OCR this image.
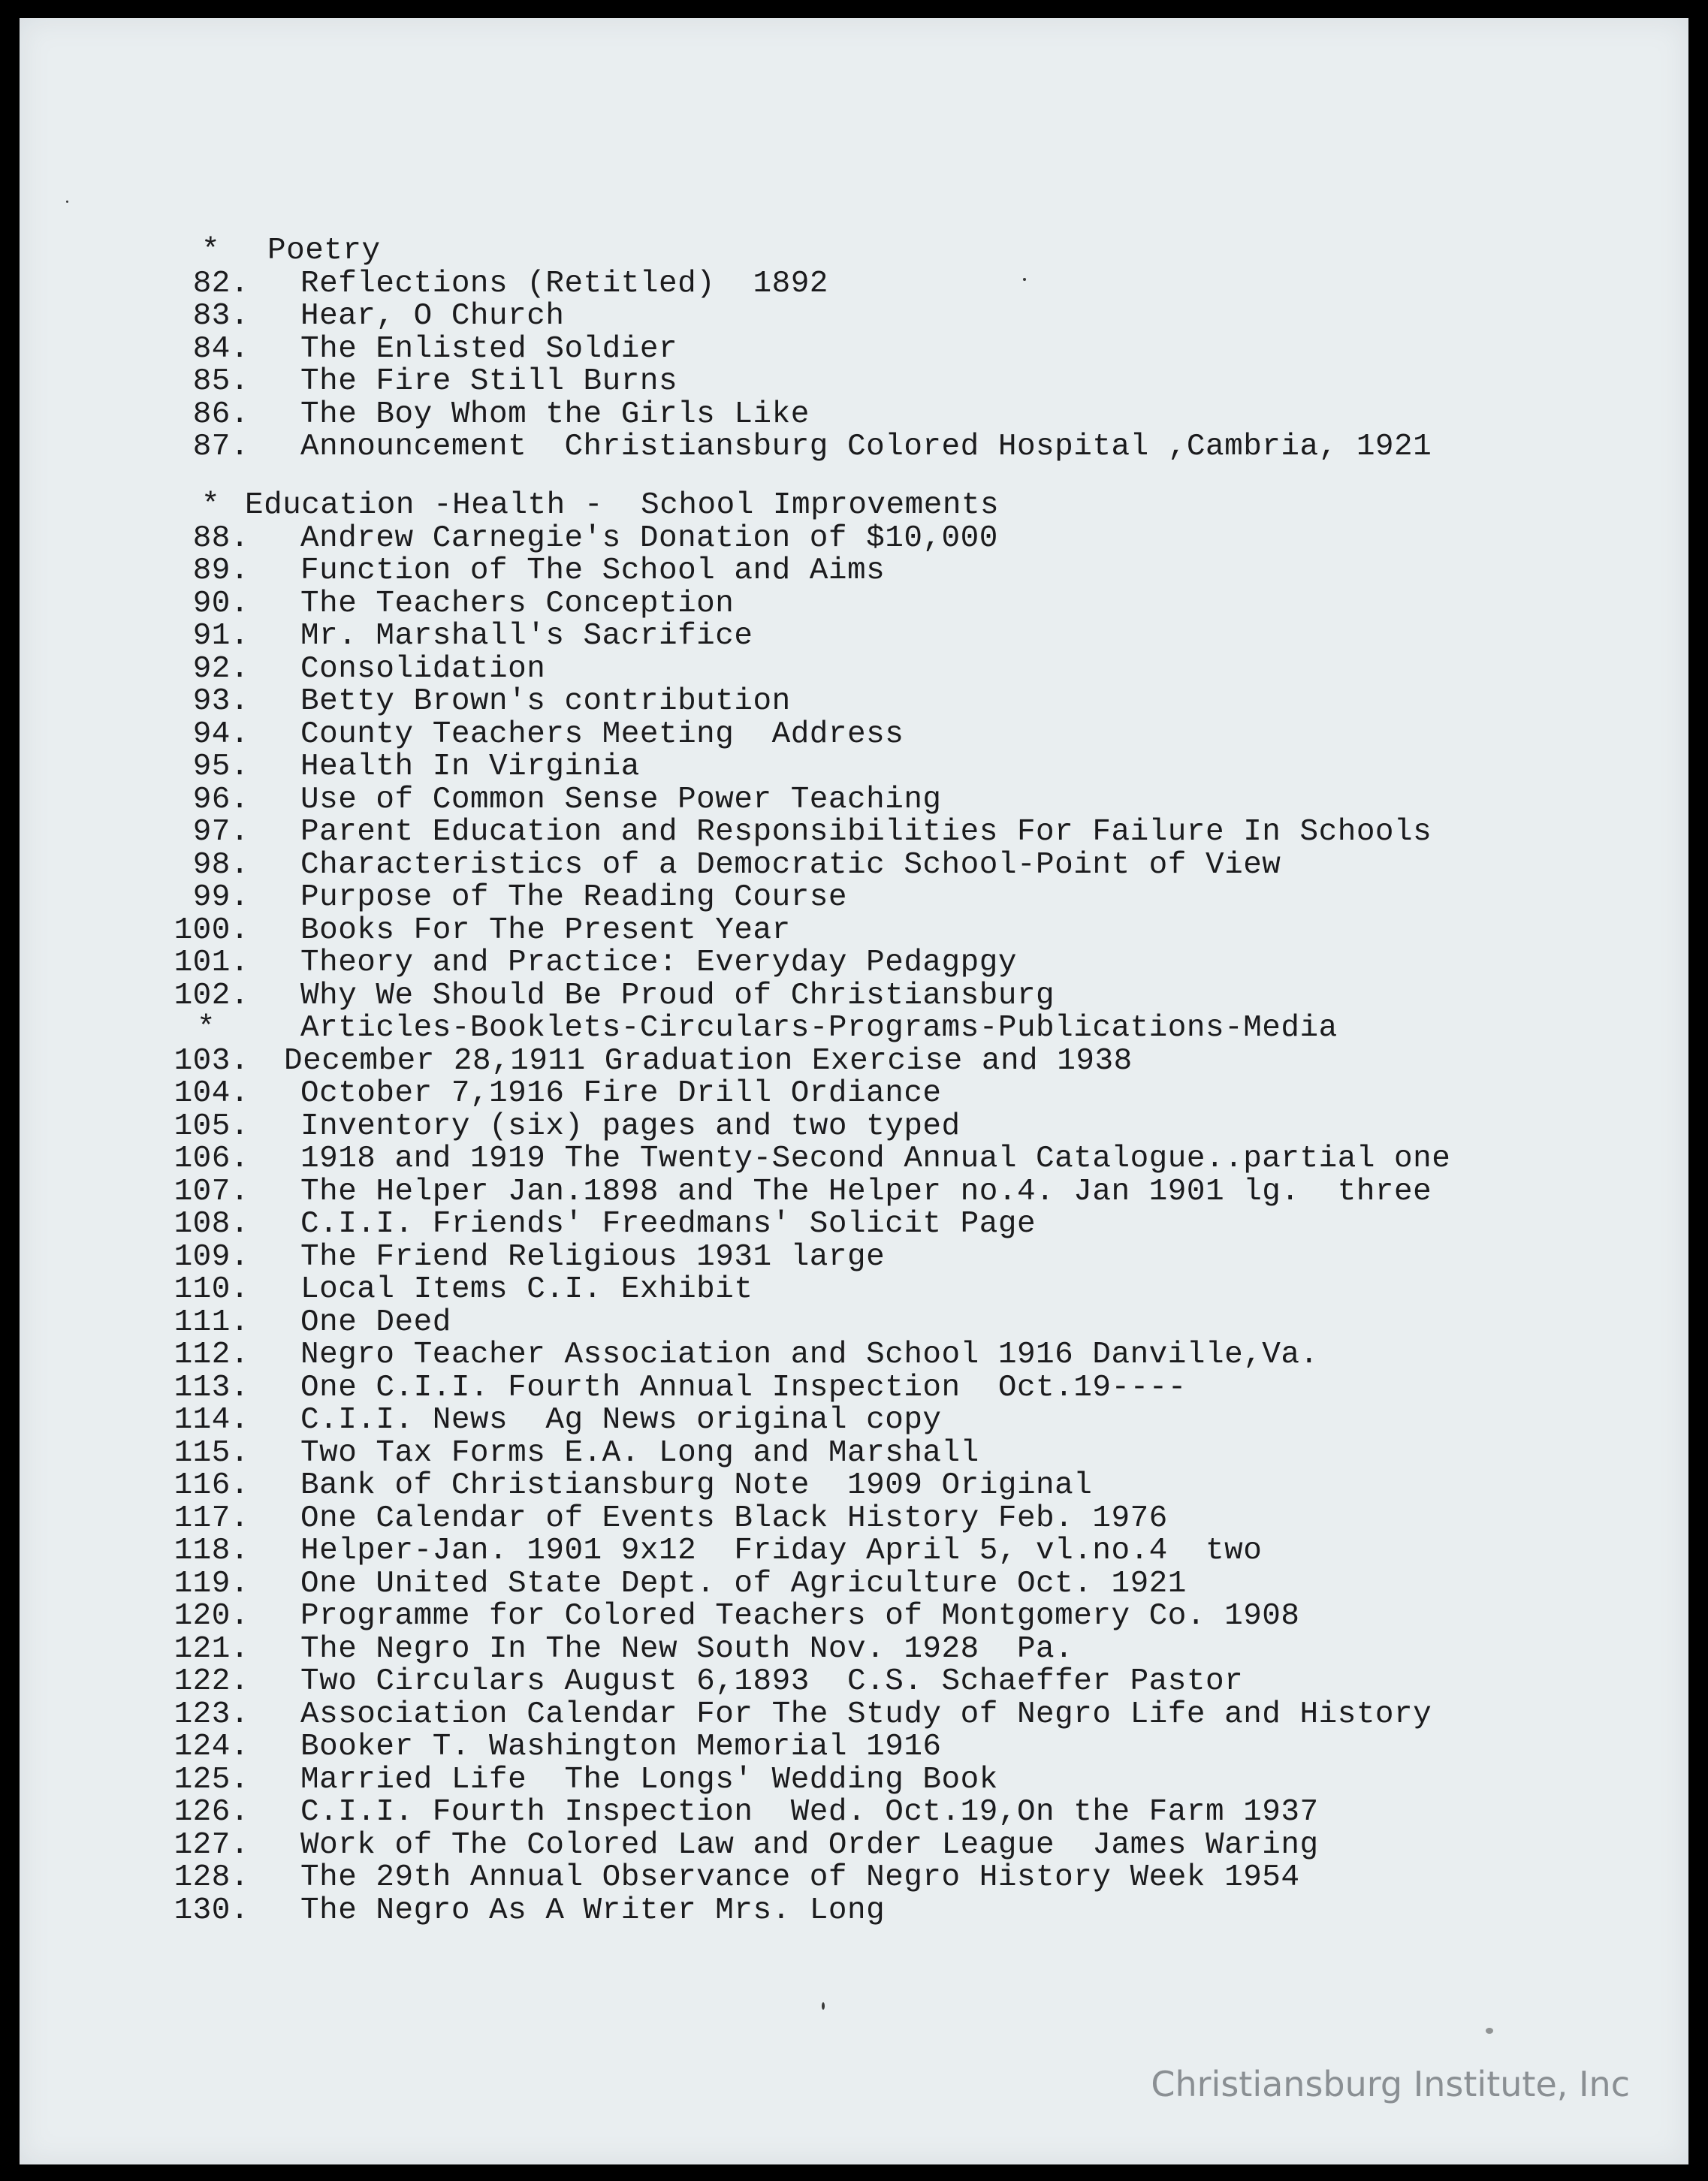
* Poetry
82. Reflections (Retitled)  1892
83. Hear, O Church
84. The Enlisted Soldier
85. The Fire Still Burns
86. The Boy Whom the Girls Like
87. Announcement  Christiansburg Colored Hospital ,Cambria, 1921
* Education -Health -  School Improvements
88. Andrew Carnegie's Donation of $10,000
89. Function of The School and Aims
90. The Teachers Conception
91. Mr. Marshall's Sacrifice
92. Consolidation
93. Betty Brown's contribution
94. County Teachers Meeting  Address
95. Health In Virginia
96. Use of Common Sense Power Teaching
97. Parent Education and Responsibilities For Failure In Schools
98. Characteristics of a Democratic School-Point of View
99. Purpose of The Reading Course
100. Books For The Present Year
101. Theory and Practice: Everyday Pedagpgy
102. Why We Should Be Proud of Christiansburg
*	Articles-Booklets-Circulars-Programs-Publications-Media
103. December 28,1911 Graduation Exercise and 1938
104. October 7,1916 Fire Drill Ordiance
105. Inventory (six) pages and two typed
106. 1918 and 1919 The Twenty-Second Annual Catalogue..partial one
107. The Helper Jan.1898 and The Helper no.4. Jan 1901 lg.  three
108. C.I.I. Friends' Freedmans' Solicit Page
109. The Friend Religious 1931 large
110. Local Items C.I. Exhibit
111. One Deed
112. Negro Teacher Association and School 1916 Danville,Va.
113. One C.I.I. Fourth Annual Inspection  Oct.19----
114. C.I.I. News  Ag News original copy
115. Two Tax Forms E.A. Long and Marshall
116. Bank of Christiansburg Note  1909 Original
117. One Calendar of Events Black History Feb. 1976
118. Helper-Jan. 1901 9x12  Friday April 5, vl.no.4  two
119. One United State Dept. of Agriculture Oct. 1921
120. Programme for Colored Teachers of Montgomery Co. 1908
121. The Negro In The New South Nov. 1928  Pa.
122. Two Circulars August 6,1893  C.S. Schaeffer Pastor
123. Association Calendar For The Study of Negro Life and History
124. Booker T. Washington Memorial 1916
125. Married Life  The Longs' Wedding Book
126. C.I.I. Fourth Inspection  Wed. Oct.19,On the Farm 1937
127. Work of The Colored Law and Order League  James Waring
128. The 29th Annual Observance of Negro History Week 1954
130. The Negro As A Writer Mrs. Long
Christiansburg Institute, Inc
